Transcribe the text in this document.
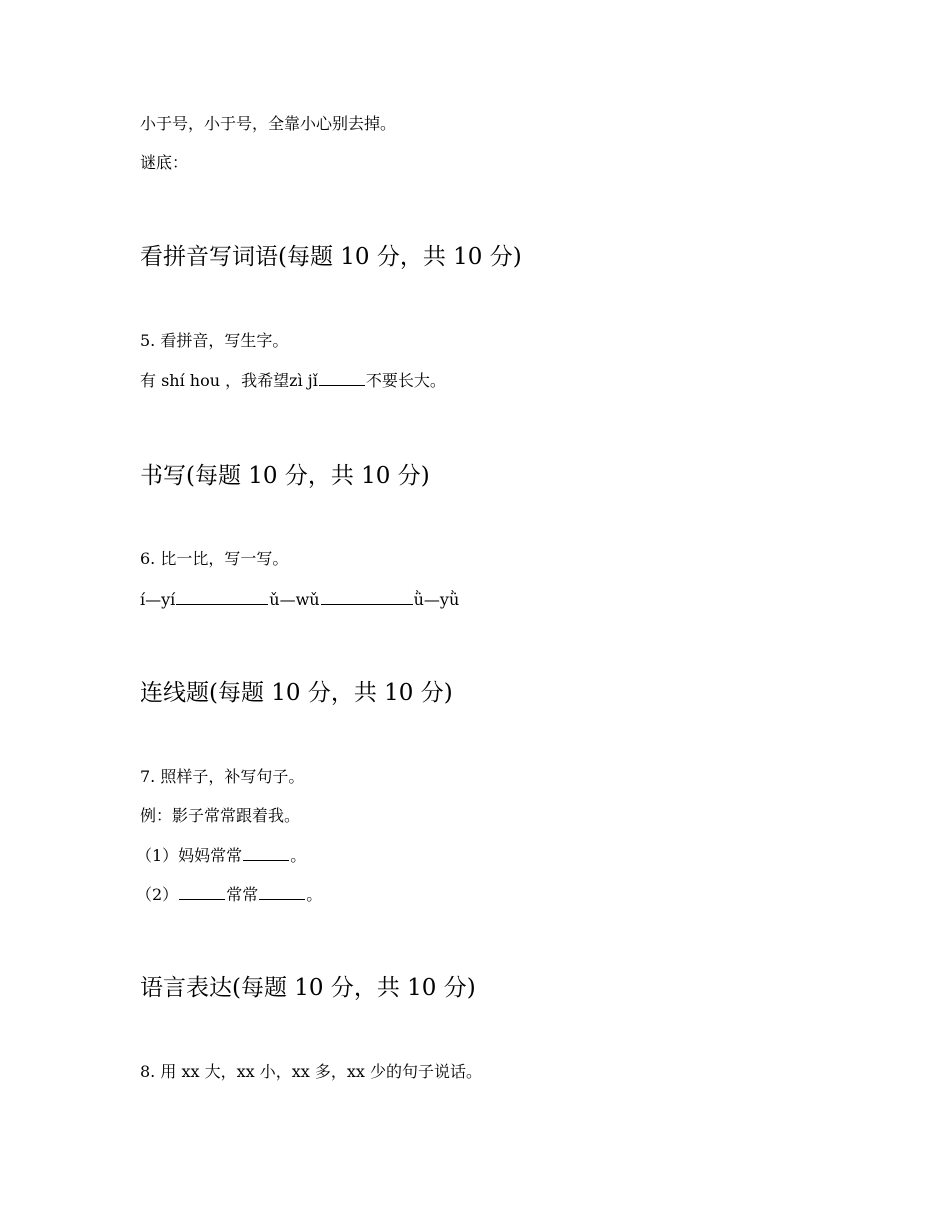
小于号，小于号，全靠小心别去掉。
谜底：
看拼音写词语(每题 10 分，共 10 分)
5. 看拼音，写生字。
有 shí hou ，我希望zì jǐ	不要长大。
书写(每题 10 分，共 10 分)
6. 比一比，写一写。
í—yí	ǔ—wǔ	ǜ—yǜ
连线题(每题 10 分，共 10 分)
7. 照样子，补写句子。
例：影子常常跟着我。
（1）妈妈常常	。
（2）	常常	。
语言表达(每题 10 分，共 10 分)
8. 用 xx 大，xx 小，xx 多，xx 少的句子说话。
